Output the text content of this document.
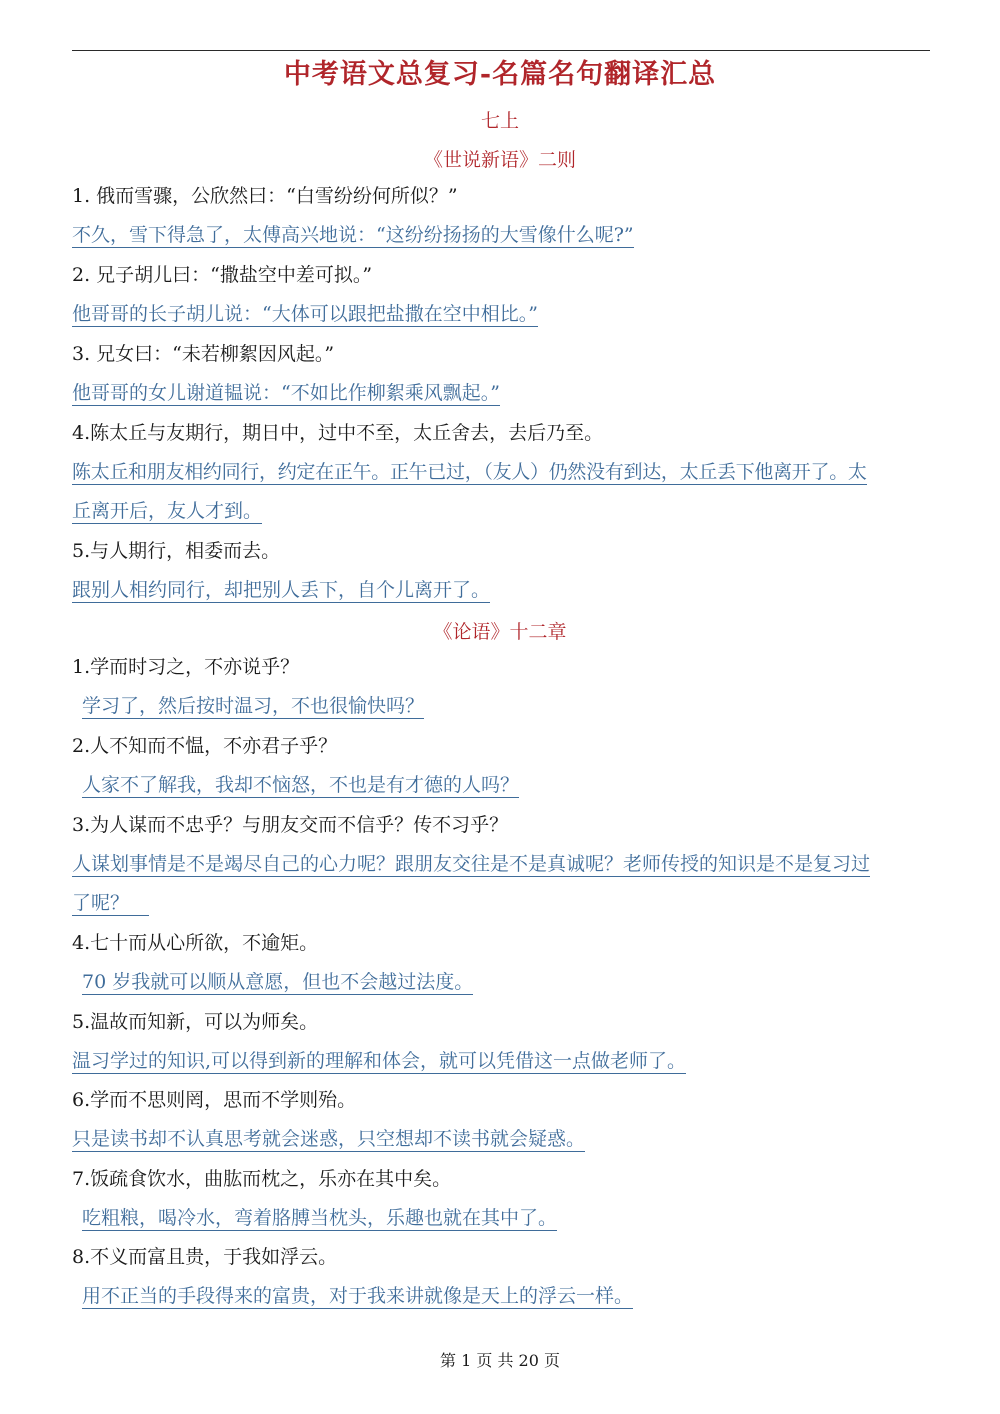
中考语文总复习-名篇名句翻译汇总
七上
《世说新语》二则
1. 俄而雪骤，公欣然曰：“白雪纷纷何所似？”
不久，雪下得急了，太傅高兴地说：“这纷纷扬扬的大雪像什么呢?”
2. 兄子胡儿曰：“撒盐空中差可拟。”
他哥哥的长子胡儿说：“大体可以跟把盐撒在空中相比。”
3. 兄女曰：“未若柳絮因风起。”
他哥哥的女儿谢道韫说：“不如比作柳絮乘风飘起。”
4.陈太丘与友期行，期日中，过中不至，太丘舍去，去后乃至。
陈太丘和朋友相约同行，约定在正午。正午已过，（友人）仍然没有到达，太丘丢下他离开了。太
丘离开后，友人才到。
5.与人期行，相委而去。
跟别人相约同行，却把别人丢下，自个儿离开了。
《论语》十二章
1.学而时习之，不亦说乎？
学习了，然后按时温习，不也很愉快吗？
2.人不知而不愠，不亦君子乎？
人家不了解我，我却不恼怒，不也是有才德的人吗？
3.为人谋而不忠乎？与朋友交而不信乎？传不习乎？
人谋划事情是不是竭尽自己的心力呢？跟朋友交往是不是真诚呢？老师传授的知识是不是复习过
了呢？
4.七十而从心所欲，不逾矩。
70 岁我就可以顺从意愿，但也不会越过法度。
5.温故而知新，可以为师矣。
温习学过的知识,可以得到新的理解和体会，就可以凭借这一点做老师了。
6.学而不思则罔，思而不学则殆。
只是读书却不认真思考就会迷惑，只空想却不读书就会疑惑。
7.饭疏食饮水，曲肱而枕之，乐亦在其中矣。
吃粗粮，喝冷水，弯着胳膊当枕头，乐趣也就在其中了。
8.不义而富且贵，于我如浮云。
用不正当的手段得来的富贵，对于我来讲就像是天上的浮云一样。
第 1 页 共 20 页
